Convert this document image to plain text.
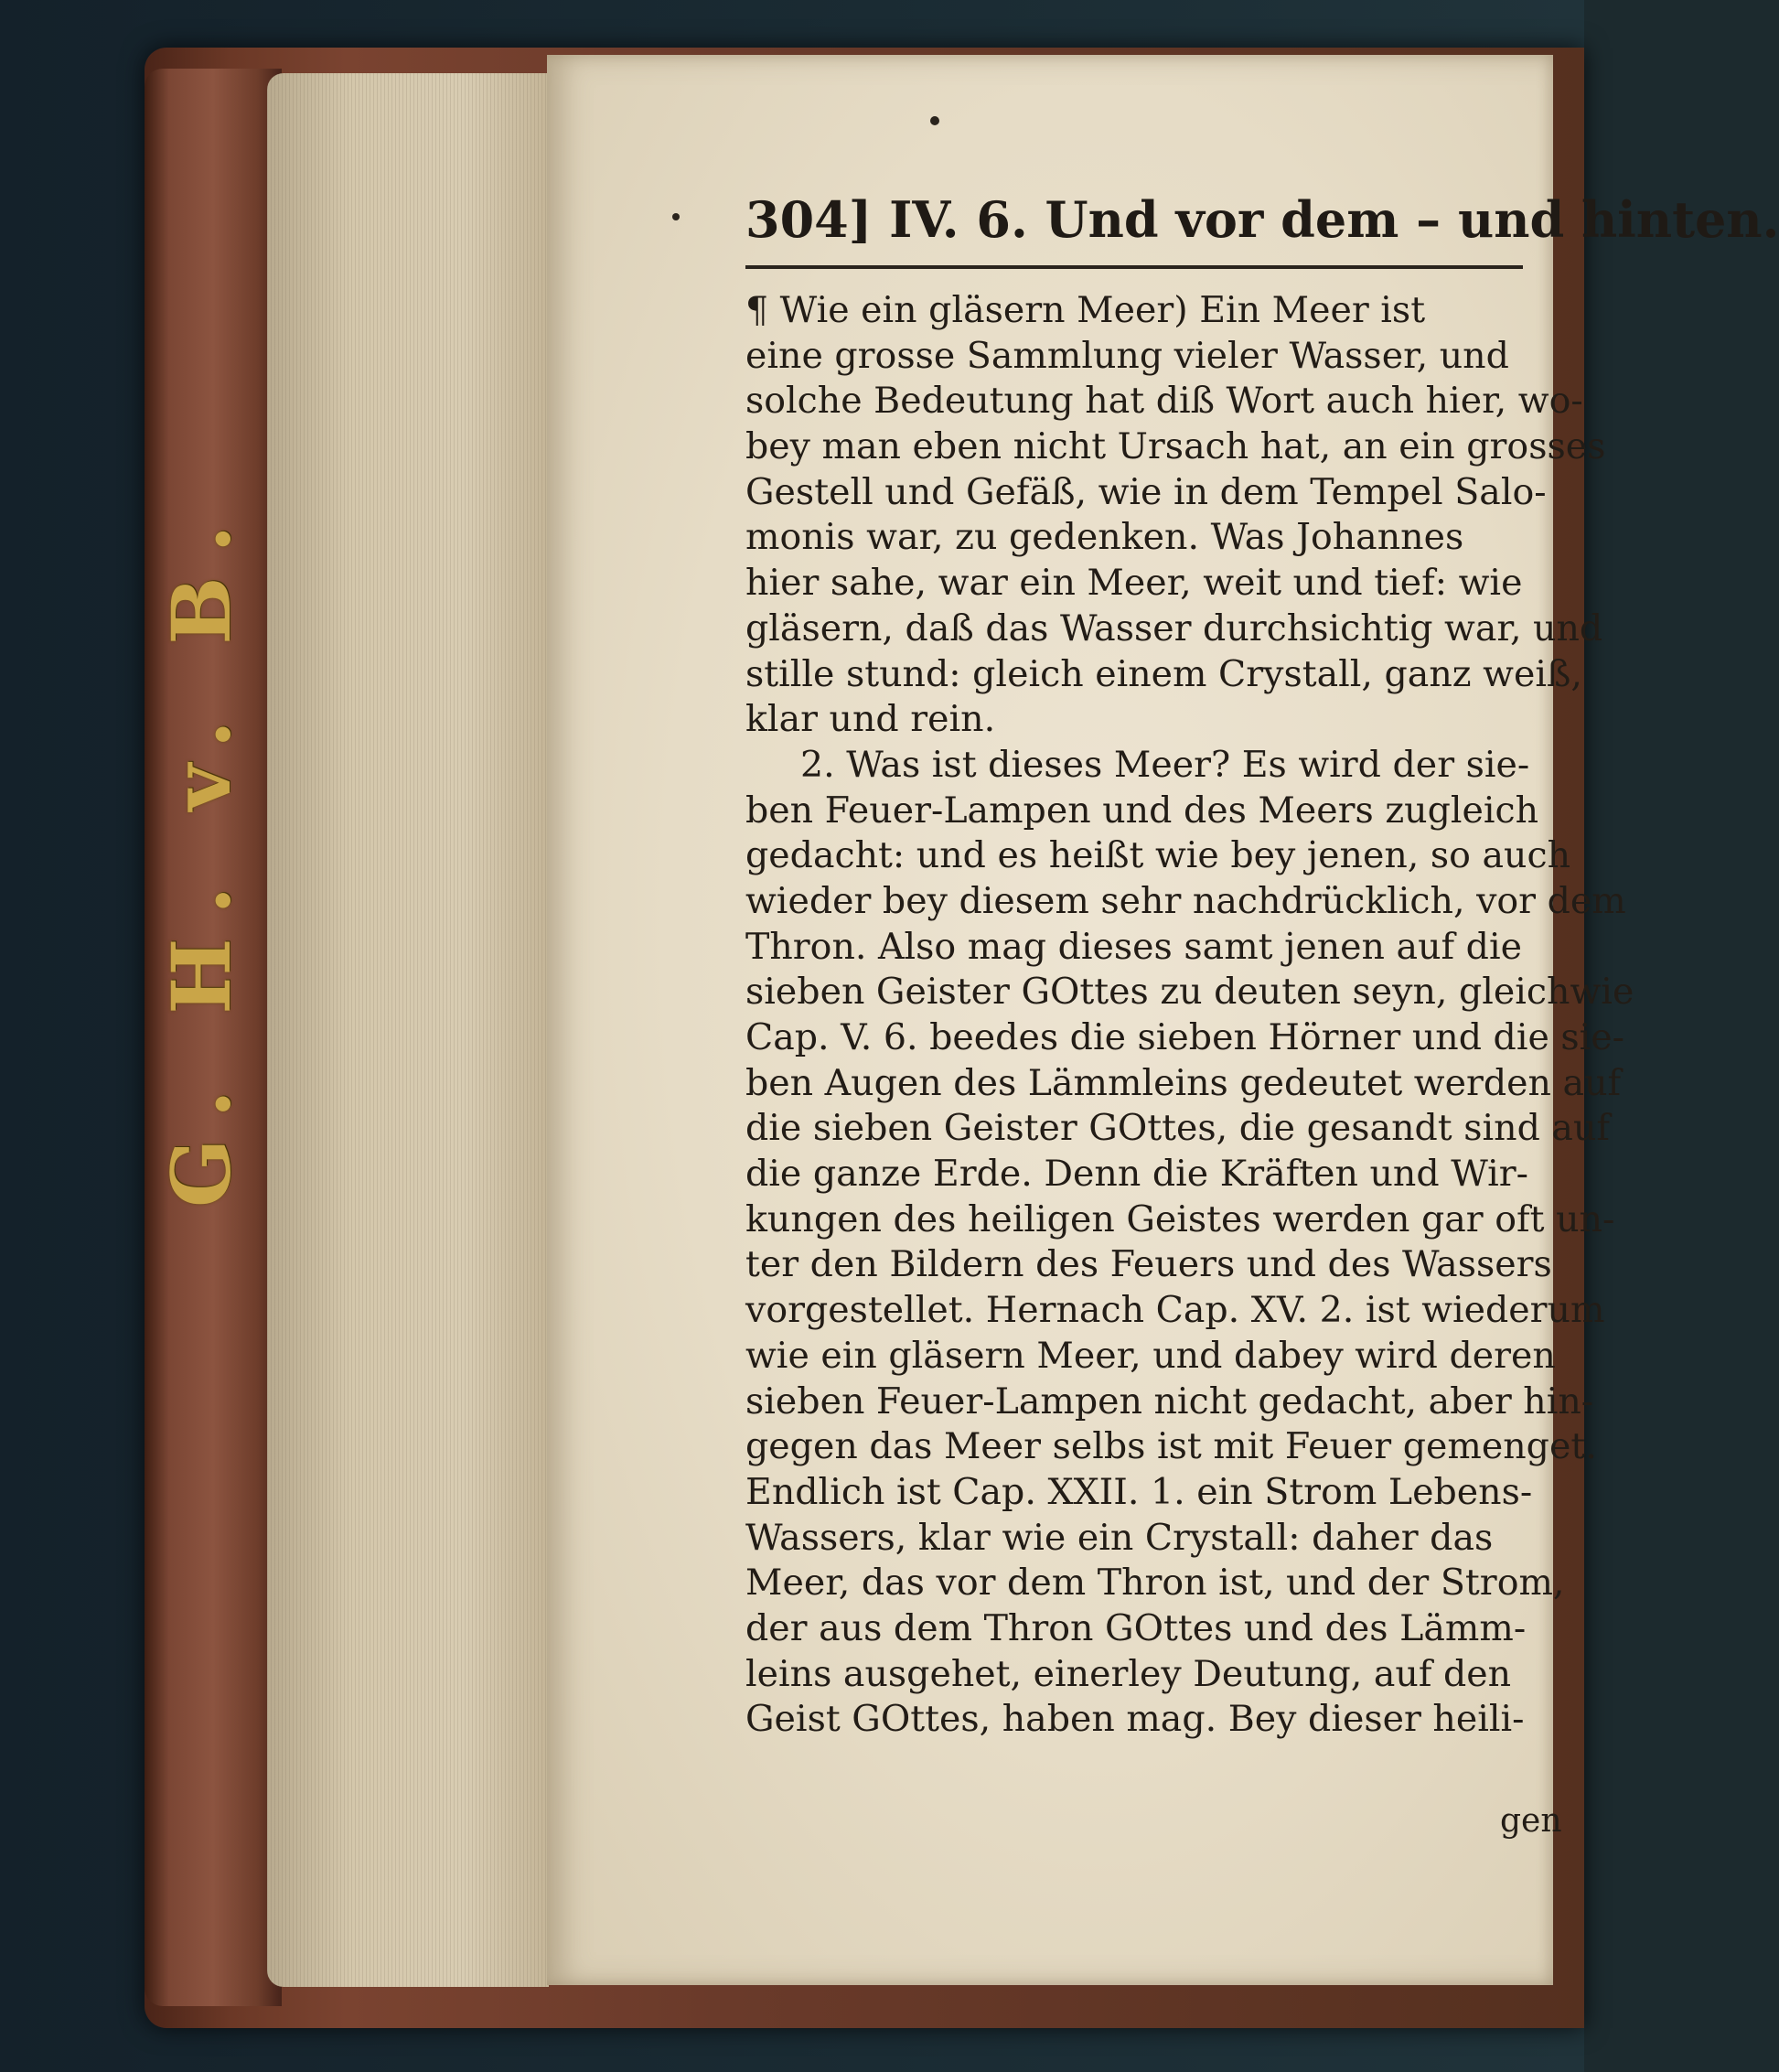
G. H. v. B.
304] IV. 6. Und vor dem – und hinten.
¶ Wie ein gläsern Meer) Ein Meer ist
eine grosse Sammlung vieler Wasser, und
solche Bedeutung hat diß Wort auch hier, wo-
bey man eben nicht Ursach hat, an ein grosses
Gestell und Gefäß, wie in dem Tempel Salo-
monis war, zu gedenken. Was Johannes
hier sahe, war ein Meer, weit und tief: wie
gläsern, daß das Wasser durchsichtig war, und
stille stund: gleich einem Crystall, ganz weiß,
klar und rein.
2. Was ist dieses Meer? Es wird der sie-
ben Feuer-Lampen und des Meers zugleich
gedacht: und es heißt wie bey jenen, so auch
wieder bey diesem sehr nachdrücklich, vor dem
Thron. Also mag dieses samt jenen auf die
sieben Geister GOttes zu deuten seyn, gleichwie
Cap. V. 6. beedes die sieben Hörner und die sie-
ben Augen des Lämmleins gedeutet werden auf
die sieben Geister GOttes, die gesandt sind auf
die ganze Erde. Denn die Kräften und Wir-
kungen des heiligen Geistes werden gar oft un-
ter den Bildern des Feuers und des Wassers
vorgestellet. Hernach Cap. XV. 2. ist wiederum
wie ein gläsern Meer, und dabey wird deren
sieben Feuer-Lampen nicht gedacht, aber hin-
gegen das Meer selbs ist mit Feuer gemenget.
Endlich ist Cap. XXII. 1. ein Strom Lebens-
Wassers, klar wie ein Crystall: daher das
Meer, das vor dem Thron ist, und der Strom,
der aus dem Thron GOttes und des Lämm-
leins ausgehet, einerley Deutung, auf den
Geist GOttes, haben mag. Bey dieser heili-
gen
